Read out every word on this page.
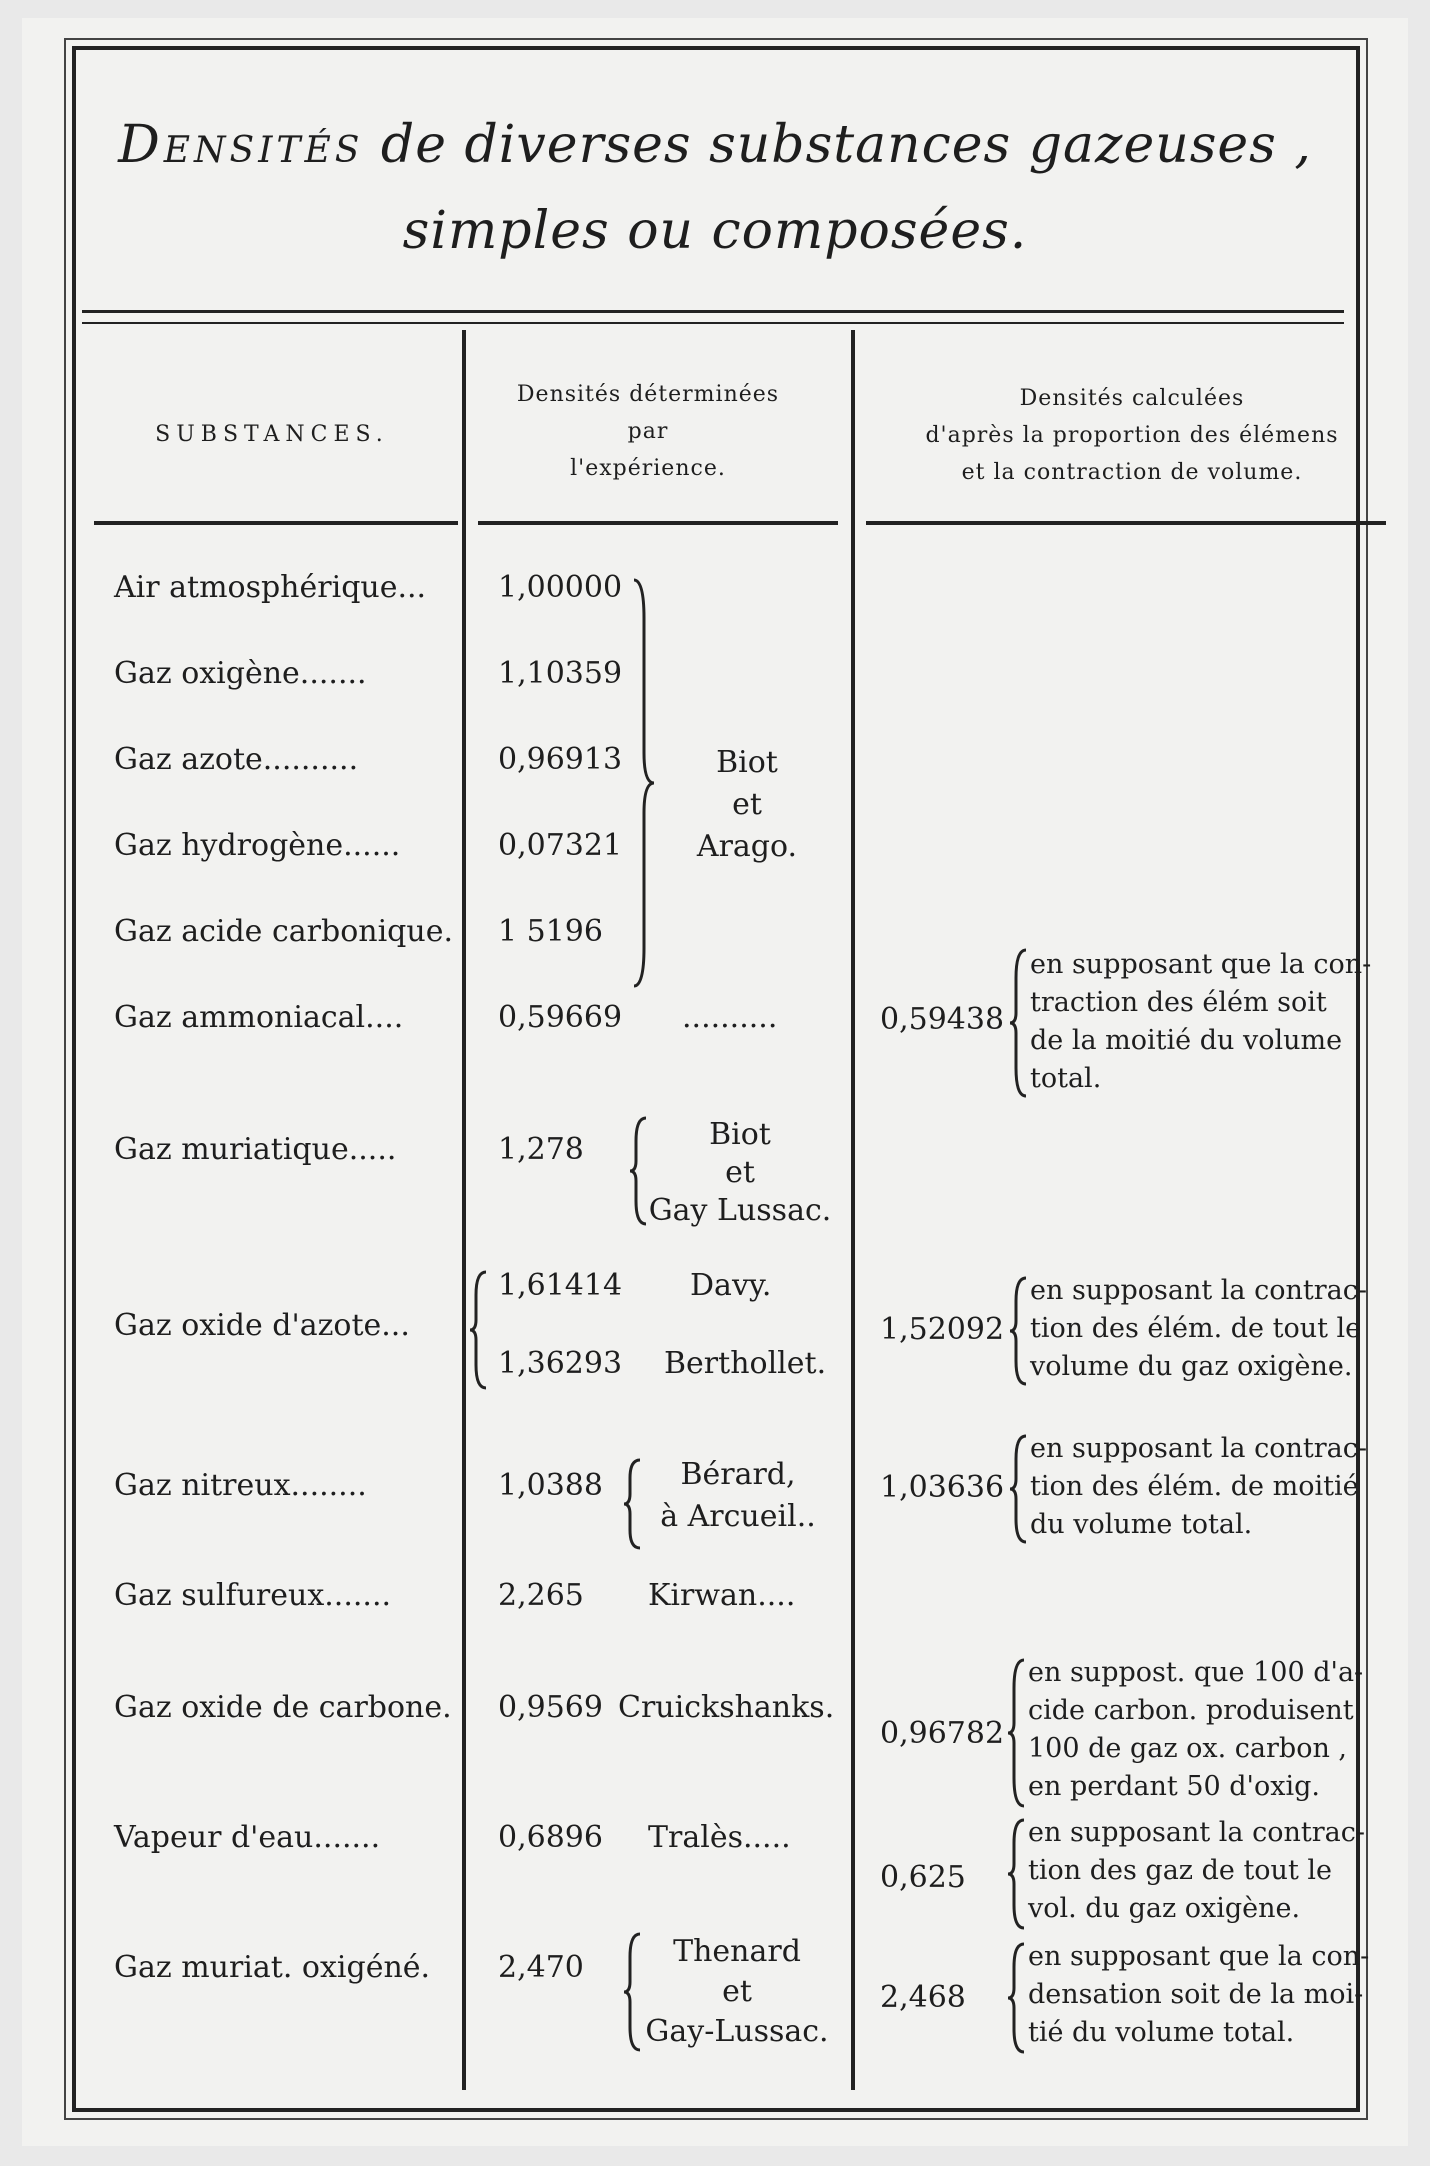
Densités de diverses substances gazeuses ,
simples ou composées.
SUBSTANCES.
Densités déterminées
par
l'expérience.
Densités calculées
d'après la proportion des élémens
et la contraction de volume.
Air atmosphérique...
Gaz oxigène.......
Gaz azote..........
Gaz hydrogène......
Gaz acide carbonique.
Gaz ammoniacal....
Gaz muriatique.....
Gaz oxide d'azote...
Gaz nitreux........
Gaz sulfureux.......
Gaz oxide de carbone.
Vapeur d'eau.......
Gaz muriat. oxigéné.
1,00000
1,10359
0,96913
0,07321
1 5196
0,59669
1,278
1,61414
1,36293
1,0388
2,265
0,9569
0,6896
2,470
Biot
et
Arago.
..........
Biot
et
Gay Lussac.
Davy.
Berthollet.
Bérard,
à Arcueil..
Kirwan....
Cruickshanks.
Tralès.....
Thenard
et
Gay-Lussac.
0,59438
1,52092
1,03636
0,96782
0,625
2,468
en supposant que la con-
traction des élém soit
de la moitié du volume
total.
en supposant la contrac-
tion des élém. de tout le
volume du gaz oxigène.
en supposant la contrac-
tion des élém. de moitié
du volume total.
en suppost. que 100 d'a-
cide carbon. produisent
100 de gaz ox. carbon ,
en perdant 50 d'oxig.
en supposant la contrac-
tion des gaz de tout le
vol. du gaz oxigène.
en supposant que la con-
densation soit de la moi-
tié du volume total.
